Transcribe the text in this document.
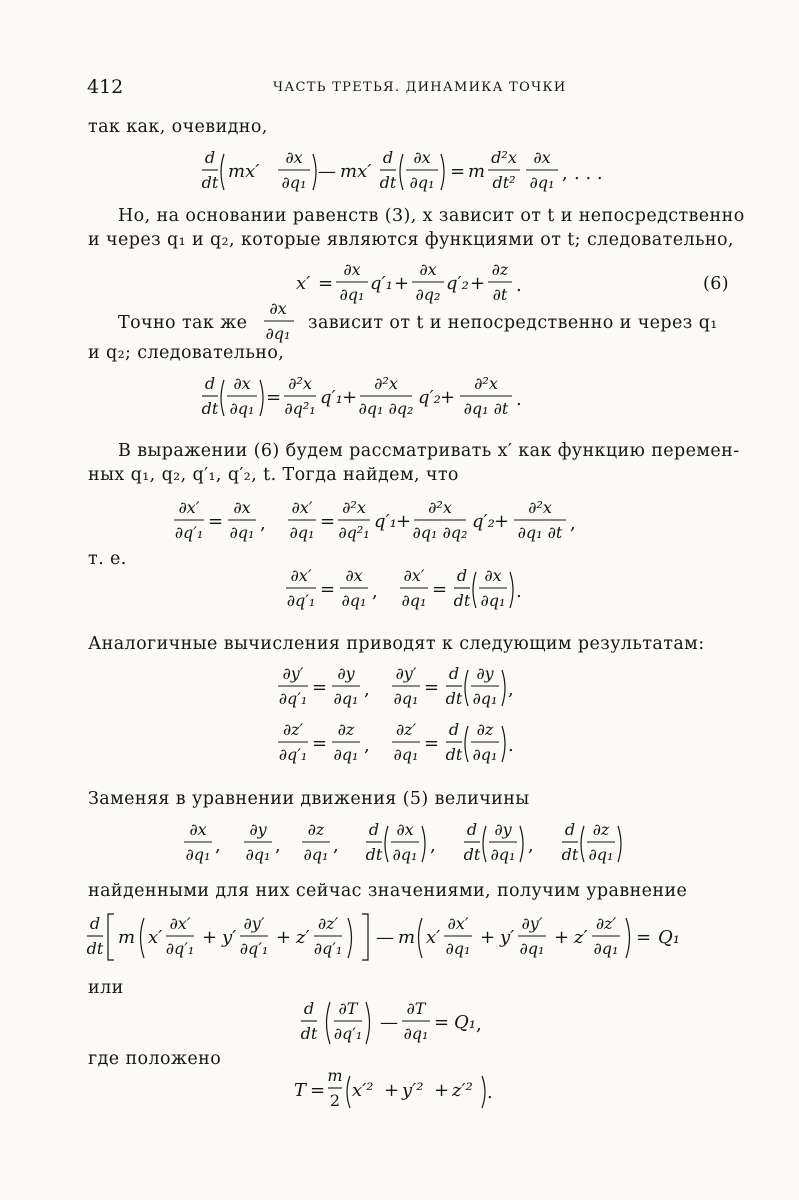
412	ЧАСТЬ ТРЕТЬЯ. ДИНАМИКА ТОЧКИ
так как, очевидно,
d
dt
mx′
∂x
∂q₁
— mx′
d
dt
∂x
∂q₁
= m
d²x
dt²
∂x
∂q₁ , . . .
Но, на основании равенств (3), x зависит от t и непосредственно
и через q₁ и q₂, которые являются функциями от t; следовательно,
x′ =
∂x
∂q₁
q′₁ +
∂x
∂q₂
q′₂ +
∂z
∂t .	(6)
Точно так же
∂x
∂q₁
зависит от t и непосредственно и через q₁
и q₂; следовательно,
d
dt
∂x
∂q₁
=
∂²x
∂q²₁
q′₁ +
∂²x
∂q₁ ∂q₂
q′₂ +
∂²x
∂q₁ ∂t .
В выражении (6) будем рассматривать x′ как функцию перемен-
ных q₁, q₂, q′₁, q′₂, t. Тогда найдем, что
∂x′
∂q′₁
=
∂x
∂q₁ ,
∂x′
∂q₁
=
∂²x
∂q²₁
q′₁ +
∂²x
∂q₁ ∂q₂
q′₂ +
∂²x
∂q₁ ∂t ,
т. е.
∂x′
∂q′₁
=
∂x
∂q₁ ,
∂x′
∂q₁
=
d
dt
∂x
∂q₁ .
Аналогичные вычисления приводят к следующим результатам:
∂y′
∂q′₁
=
∂y
∂q₁ ,
∂y′
∂q₁
=
d
dt
∂y
∂q₁ ,
∂z′
∂q′₁
=
∂z
∂q₁ ,
∂z′
∂q₁
=
d
dt
∂z
∂q₁ .
Заменяя в уравнении движения (5) величины
∂x
∂q₁ ,
∂y
∂q₁ ,
∂z
∂q₁ ,
d
dt
∂x
∂q₁ ,
d
dt
∂y
∂q₁ ,
d
dt
∂z
∂q₁
найденными для них сейчас значениями, получим уравнение
d
dt
m x′
∂x′
∂q′₁
+ y′
∂y′
∂q′₁
+ z′
∂z′
∂q′₁
— m x′
∂x′
∂q₁
+ y′
∂y′
∂q₁
+ z′
∂z′
∂q₁
= Q₁
или
d
dt
∂T
∂q′₁
—
∂T
∂q₁
= Q₁ ,
где положено
T =
m
2 x′² + y′² + z′² .
